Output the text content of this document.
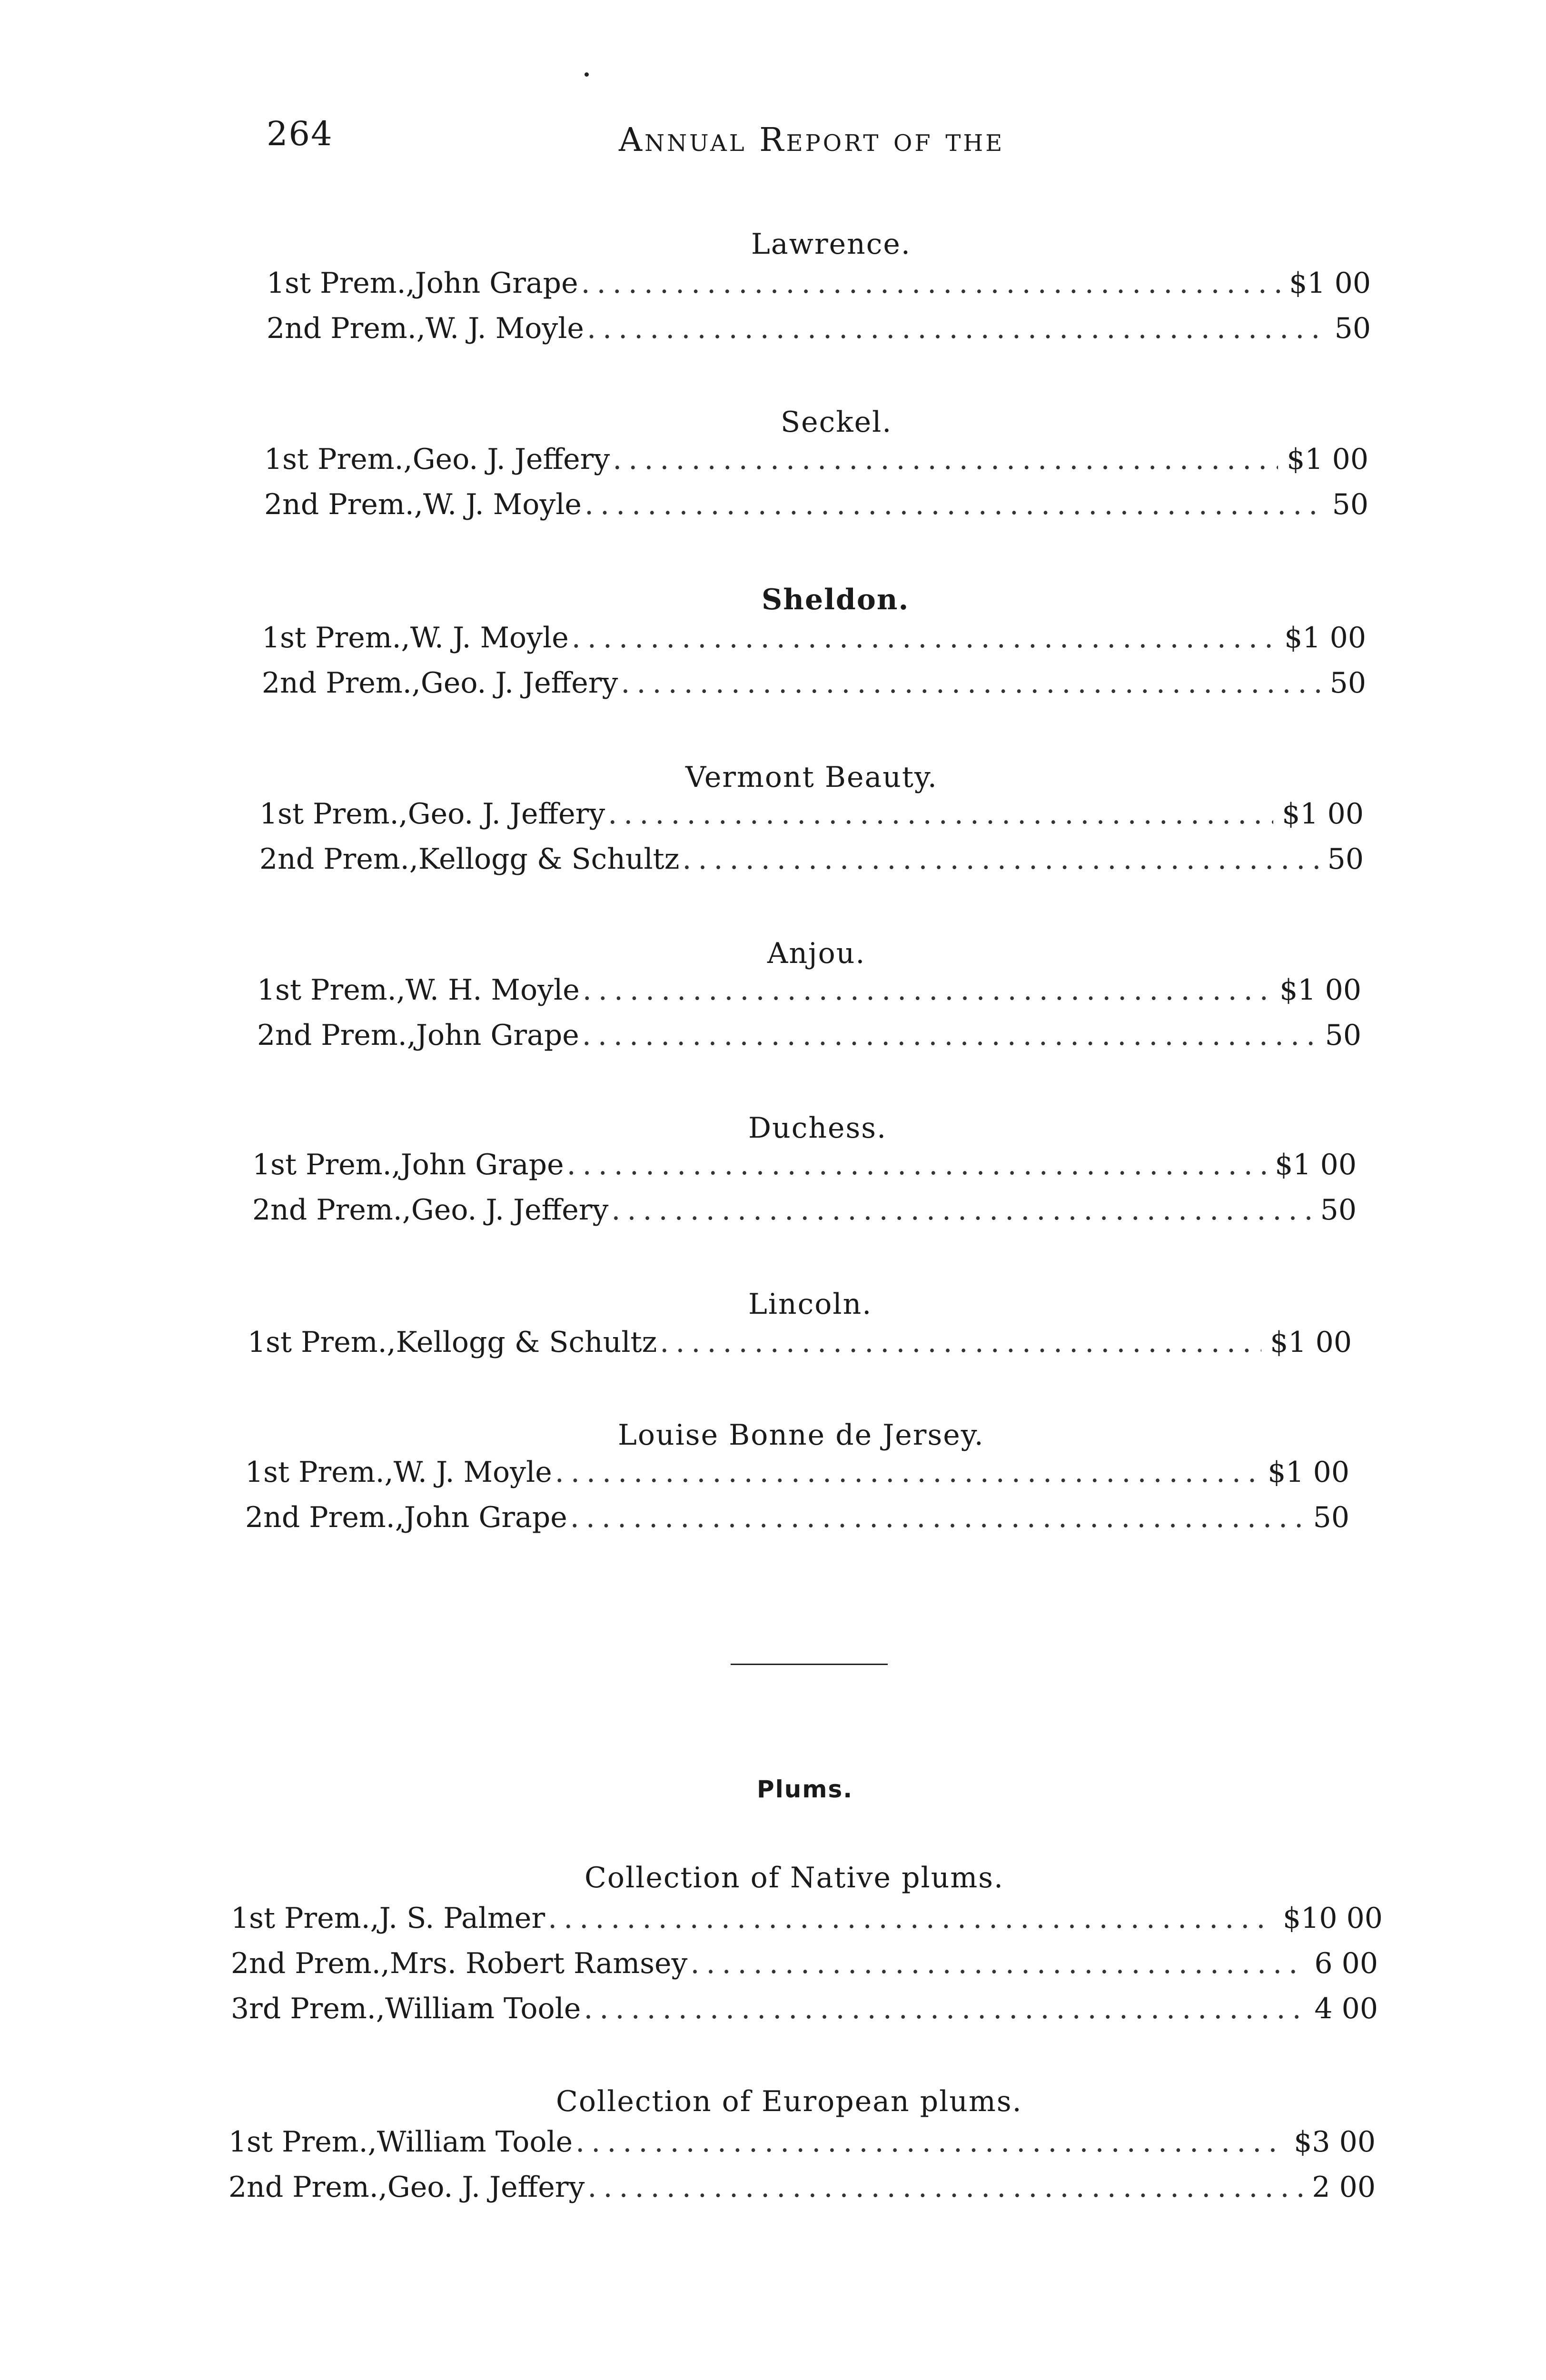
264	Annual Report of the
Lawrence.
1st Prem., John Grape .....	$1 00
2nd Prem., W. J. Moyle .....	50
Seckel.
1st Prem., Geo. J. Jeffery .....	$1 00
2nd Prem., W. J. Moyle .....	50
Sheldon.
1st Prem., W. J. Moyle .....	$1 00
2nd Prem., Geo. J. Jeffery .....	50
Vermont Beauty.
1st Prem., Geo. J. Jeffery .....	$1 00
2nd Prem., Kellogg & Schultz .....	50
Anjou.
1st Prem., W. H. Moyle .....	$1 00
2nd Prem., John Grape .....	50
Duchess.
1st Prem., John Grape .....	$1 00
2nd Prem., Geo. J. Jeffery .....	50
Lincoln.
1st Prem., Kellogg & Schultz .....	$1 00
Louise Bonne de Jersey.
1st Prem., W. J. Moyle .....	$1 00
2nd Prem., John Grape .....	50
Plums.
Collection of Native plums.
1st Prem., J. S. Palmer .....	$10 00
2nd Prem., Mrs. Robert Ramsey .....	6 00
3rd Prem., William Toole .....	4 00
Collection of European plums.
1st Prem., William Toole .....	$3 00
2nd Prem., Geo. J. Jeffery .....	2 00
